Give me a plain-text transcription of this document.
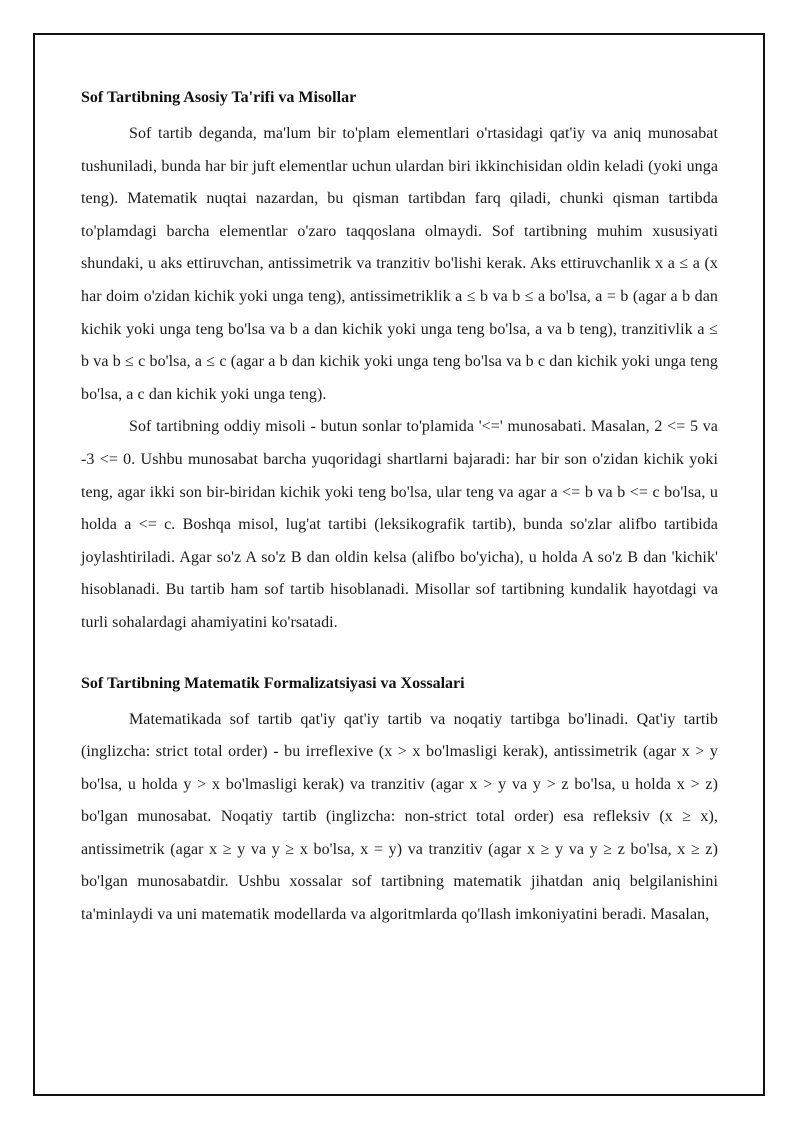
Sof Tartibning Asosiy Ta'rifi va Misollar

Sof tartib deganda, ma'lum bir to'plam elementlari o'rtasidagi qat'iy va aniq munosabat tushuniladi, bunda har bir juft elementlar uchun ulardan biri ikkinchisidan oldin keladi (yoki unga teng). Matematik nuqtai nazardan, bu qisman tartibdan farq qiladi, chunki qisman tartibda to'plamdagi barcha elementlar o'zaro taqqoslana olmaydi. Sof tartibning muhim xususiyati shundaki, u aks ettiruvchan, antissimetrik va tranzitiv bo'lishi kerak. Aks ettiruvchanlik x a ≤ a (x har doim o'zidan kichik yoki unga teng), antissimetriklik a ≤ b va b ≤ a bo'lsa, a = b (agar a b dan kichik yoki unga teng bo'lsa va b a dan kichik yoki unga teng bo'lsa, a va b teng), tranzitivlik a ≤ b va b ≤ c bo'lsa, a ≤ c (agar a b dan kichik yoki unga teng bo'lsa va b c dan kichik yoki unga teng bo'lsa, a c dan kichik yoki unga teng).

Sof tartibning oddiy misoli - butun sonlar to'plamida '<=' munosabati. Masalan, 2 <= 5 va -3 <= 0. Ushbu munosabat barcha yuqoridagi shartlarni bajaradi: har bir son o'zidan kichik yoki teng, agar ikki son bir-biridan kichik yoki teng bo'lsa, ular teng va agar a <= b va b <= c bo'lsa, u holda a <= c. Boshqa misol, lug'at tartibi (leksikografik tartib), bunda so'zlar alifbo tartibida joylashtiriladi. Agar so'z A so'z B dan oldin kelsa (alifbo bo'yicha), u holda A so'z B dan 'kichik' hisoblanadi. Bu tartib ham sof tartib hisoblanadi. Misollar sof tartibning kundalik hayotdagi va turli sohalardagi ahamiyatini ko'rsatadi.

Sof Tartibning Matematik Formalizatsiyasi va Xossalari

Matematikada sof tartib qat'iy qat'iy tartib va noqatiy tartibga bo'linadi. Qat'iy tartib (inglizcha: strict total order) - bu irreflexive (x > x bo'lmasligi kerak), antissimetrik (agar x > y bo'lsa, u holda y > x bo'lmasligi kerak) va tranzitiv (agar x > y va y > z bo'lsa, u holda x > z) bo'lgan munosabat. Noqatiy tartib (inglizcha: non-strict total order) esa refleksiv (x ≥ x), antissimetrik (agar x ≥ y va y ≥ x bo'lsa, x = y) va tranzitiv (agar x ≥ y va y ≥ z bo'lsa, x ≥ z) bo'lgan munosabatdir. Ushbu xossalar sof tartibning matematik jihatdan aniq belgilanishini ta'minlaydi va uni matematik modellarda va algoritmlarda qo'llash imkoniyatini beradi. Masalan,
